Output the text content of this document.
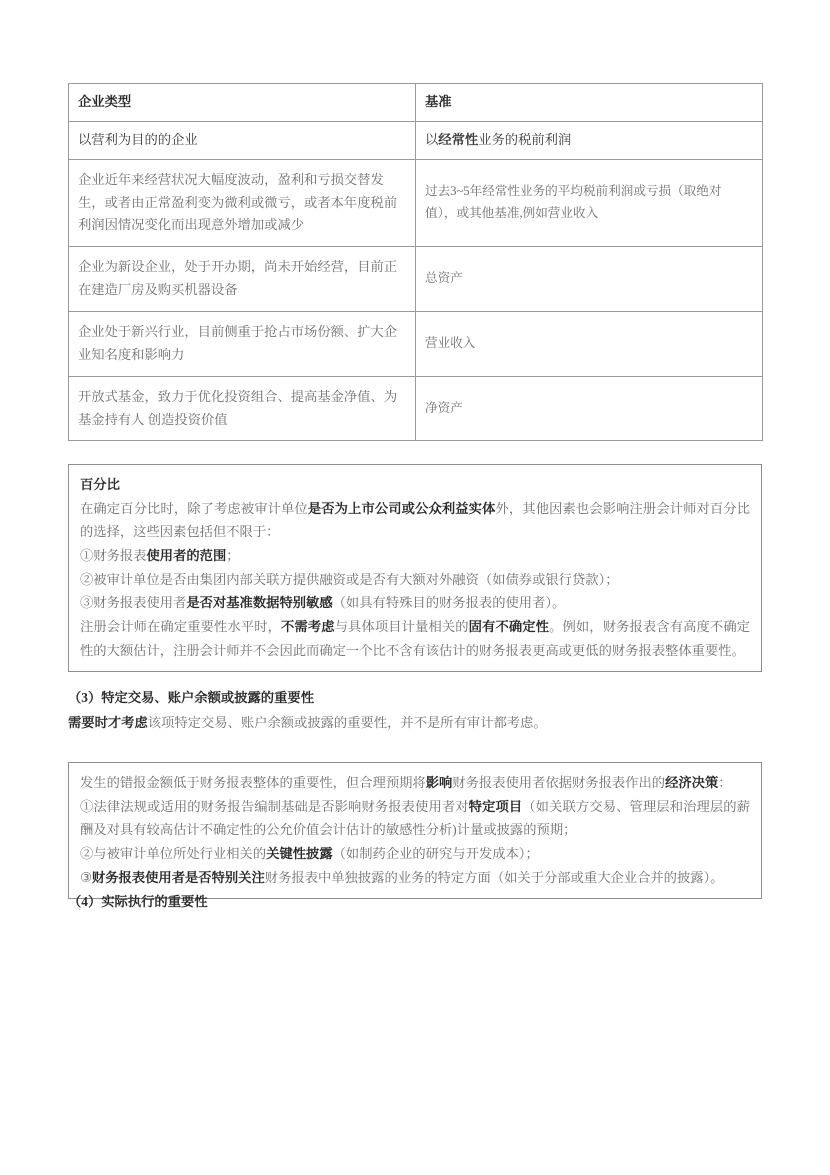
企业类型	基准
以营利为目的的企业	以经常性业务的税前利润
企业近年来经营状况大幅度波动，盈利和亏损交替发生，或者由正常盈利变为微利或微亏，或者本年度税前利润因情况变化而出现意外增加或减少	过去3~5年经常性业务的平均税前利润或亏损（取绝对值），或其他基准,例如营业收入
企业为新设企业，处于开办期，尚未开始经营，目前正在建造厂房及购买机器设备	总资产
企业处于新兴行业，目前侧重于抢占市场份额、扩大企业知名度和影响力	营业收入
开放式基金，致力于优化投资组合、提高基金净值、为基金持有人 创造投资价值	净资产

百分比

在确定百分比时，除了考虑被审计单位是否为上市公司或公众利益实体外，其他因素也会影响注册会计师对百分比的选择，这些因素包括但不限于：

①财务报表使用者的范围；

②被审计单位是否由集团内部关联方提供融资或是否有大额对外融资（如债券或银行贷款）；

③财务报表使用者是否对基准数据特别敏感（如具有特殊目的财务报表的使用者）。

注册会计师在确定重要性水平时，不需考虑与具体项目计量相关的固有不确定性。例如，财务报表含有高度不确定性的大额估计，注册会计师并不会因此而确定一个比不含有该估计的财务报表更高或更低的财务报表整体重要性。

（3）特定交易、账户余额或披露的重要性

需要时才考虑该项特定交易、账户余额或披露的重要性，并不是所有审计都考虑。

发生的错报金额低于财务报表整体的重要性，但合理预期将影响财务报表使用者依据财务报表作出的经济决策：

①法律法规或适用的财务报告编制基础是否影响财务报表使用者对特定项目（如关联方交易、管理层和治理层的薪酬及对具有较高估计不确定性的公允价值会计估计的敏感性分析)计量或披露的预期；

②与被审计单位所处行业相关的关键性披露（如制药企业的研究与开发成本）；

③财务报表使用者是否特别关注财务报表中单独披露的业务的特定方面（如关于分部或重大企业合并的披露）。

（4）实际执行的重要性
